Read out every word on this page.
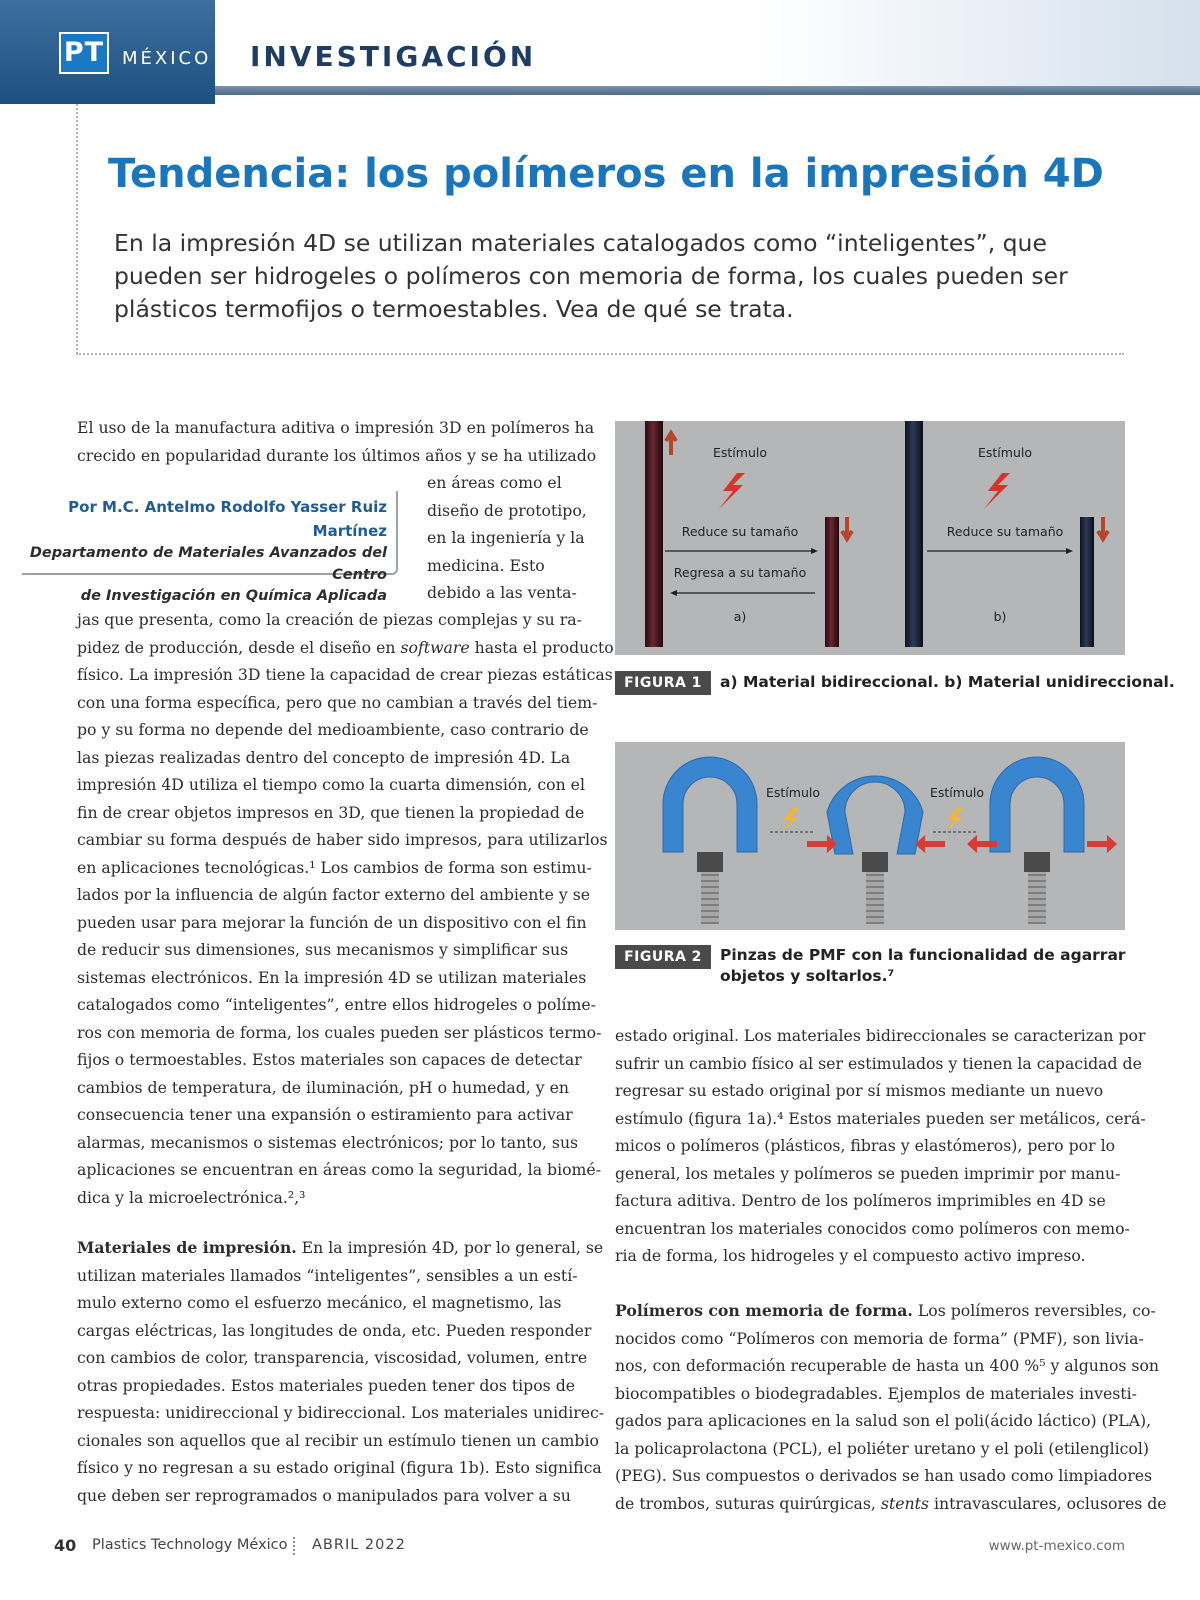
PT MÉXICO INVESTIGACIÓN
Tendencia: los polímeros en la impresión 4D

En la impresión 4D se utilizan materiales catalogados como “inteligentes”, que pueden ser hidrogeles o polímeros con memoria de forma, los cuales pueden ser plásticos termofijos o termoestables. Vea de qué se trata.

Por M.C. Antelmo Rodolfo Yasser Ruiz Martínez
Departamento de Materiales Avanzados del Centro
de Investigación en Química Aplicada
El uso de la manufactura aditiva o impresión 3D en polímeros ha
crecido en popularidad durante los últimos años y se ha utilizado
en áreas como el
diseño de prototipo,
en la ingeniería y la
medicina. Esto
debido a las venta-
jas que presenta, como la creación de piezas complejas y su ra-
pidez de producción, desde el diseño en software hasta el producto
físico. La impresión 3D tiene la capacidad de crear piezas estáticas
con una forma específica, pero que no cambian a través del tiem-
po y su forma no depende del medioambiente, caso contrario de
las piezas realizadas dentro del concepto de impresión 4D. La
impresión 4D utiliza el tiempo como la cuarta dimensión, con el
fin de crear objetos impresos en 3D, que tienen la propiedad de
cambiar su forma después de haber sido impresos, para utilizarlos
en aplicaciones tecnológicas.¹ Los cambios de forma son estimu-
lados por la influencia de algún factor externo del ambiente y se
pueden usar para mejorar la función de un dispositivo con el fin
de reducir sus dimensiones, sus mecanismos y simplificar sus
sistemas electrónicos. En la impresión 4D se utilizan materiales
catalogados como “inteligentes”, entre ellos hidrogeles o políme-
ros con memoria de forma, los cuales pueden ser plásticos termo-
fijos o termoestables. Estos materiales son capaces de detectar
cambios de temperatura, de iluminación, pH o humedad, y en
consecuencia tener una expansión o estiramiento para activar
alarmas, mecanismos o sistemas electrónicos; por lo tanto, sus
aplicaciones se encuentran en áreas como la seguridad, la biomé-
dica y la microelectrónica.²,³
Materiales de impresión. En la impresión 4D, por lo general, se
utilizan materiales llamados “inteligentes”, sensibles a un estí-
mulo externo como el esfuerzo mecánico, el magnetismo, las
cargas eléctricas, las longitudes de onda, etc. Pueden responder
con cambios de color, transparencia, viscosidad, volumen, entre
otras propiedades. Estos materiales pueden tener dos tipos de
respuesta: unidireccional y bidireccional. Los materiales unidirec-
cionales son aquellos que al recibir un estímulo tienen un cambio
físico y no regresan a su estado original (figura 1b). Esto significa
que deben ser reprogramados o manipulados para volver a su
Estímulo
Reduce su tamaño
Regresa a su tamaño
a)
Estímulo
Reduce su tamaño
b)
FIGURA 1	a) Material bidireccional. b) Material unidireccional.
Estímulo	Estímulo
FIGURA 2	Pinzas de PMF con la funcionalidad de agarrar
objetos y soltarlos.⁷
estado original. Los materiales bidireccionales se caracterizan por
sufrir un cambio físico al ser estimulados y tienen la capacidad de
regresar su estado original por sí mismos mediante un nuevo
estímulo (figura 1a).⁴ Estos materiales pueden ser metálicos, cerá-
micos o polímeros (plásticos, fibras y elastómeros), pero por lo
general, los metales y polímeros se pueden imprimir por manu-
factura aditiva. Dentro de los polímeros imprimibles en 4D se
encuentran los materiales conocidos como polímeros con memo-
ria de forma, los hidrogeles y el compuesto activo impreso.
Polímeros con memoria de forma. Los polímeros reversibles, co-
nocidos como “Polímeros con memoria de forma” (PMF), son livia-
nos, con deformación recuperable de hasta un 400 %⁵ y algunos son
biocompatibles o biodegradables. Ejemplos de materiales investi-
gados para aplicaciones en la salud son el poli(ácido láctico) (PLA),
la policaprolactona (PCL), el poliéter uretano y el poli (etilenglicol)
(PEG). Sus compuestos o derivados se han usado como limpiadores
de trombos, suturas quirúrgicas, stents intravasculares, oclusores de
40 Plastics Technology México ABRIL 2022	www.pt-mexico.com
